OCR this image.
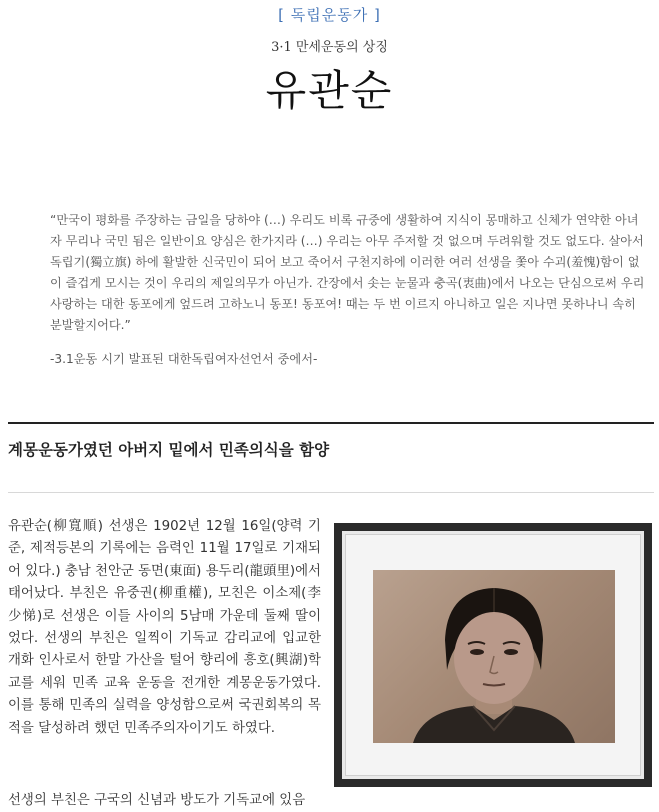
[ 독립운동가 ]
3·1 만세운동의 상징
유관순

“만국이 평화를 주장하는 금일을 당하야 (…) 우리도 비록 규중에 생활하여 지식이 몽매하고 신체가 연약한 아녀자 무리나 국민 됨은 일반이요 양심은 한가지라 (…) 우리는 아무 주저할 것 없으며 두려워할 것도 없도다. 살아서 독립기(獨立旗) 하에 활발한 신국민이 되어 보고 죽어서 구천지하에 이러한 여러 선생을 쫓아 수괴(羞愧)함이 없이 즐겁게 모시는 것이 우리의 제일의무가 아닌가. 간장에서 솟는 눈물과 충곡(衷曲)에서 나오는 단심으로써 우리 사랑하는 대한 동포에게 엎드려 고하노니 동포! 동포여! 때는 두 번 이르지 아니하고 일은 지나면 못하나니 속히 분발할지어다.”

-3.1운동 시기 발표된 대한독립여자선언서 중에서-
계몽운동가였던 아버지 밑에서 민족의식을 함양

유관순(柳寬順) 선생은 1902년 12월 16일(양력 기준, 제적등본의 기록에는 음력인 11월 17일로 기재되어 있다.) 충남 천안군 동면(東面) 용두리(龍頭里)에서 태어났다. 부친은 유중권(柳重權), 모친은 이소제(李少悌)로 선생은 이들 사이의 5남매 가운데 둘째 딸이었다. 선생의 부친은 일찍이 기독교 감리교에 입교한 개화 인사로서 한말 가산을 털어 향리에 흥호(興湖)학교를 세워 민족 교육 운동을 전개한 계몽운동가였다.이를 통해 민족의 실력을 양성함으로써 국권회복의 목적을 달성하려 했던 민족주의자이기도 하였다.

선생의 부친은 구국의 신념과 방도가 기독교에 있음
